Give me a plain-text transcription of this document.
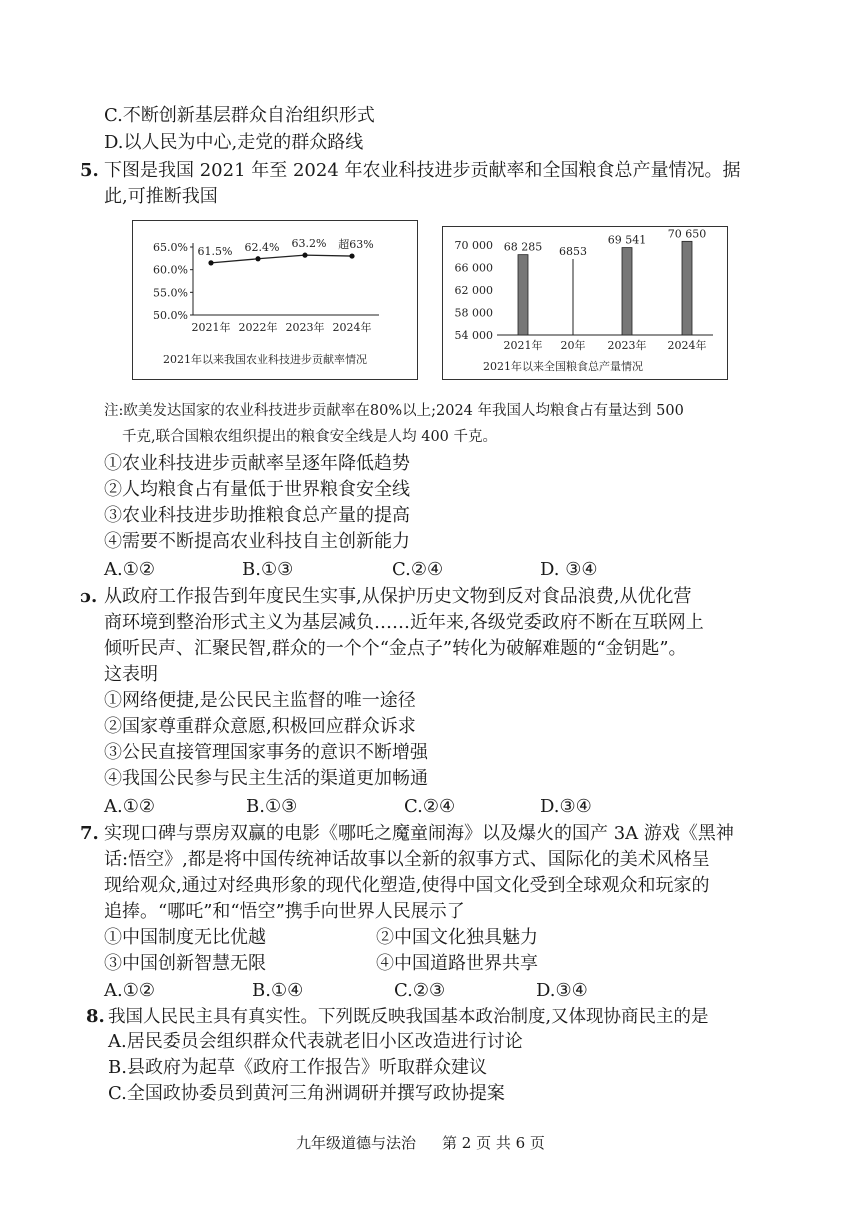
C.不断创新基层群众自治组织形式
D.以人民为中心,走党的群众路线
5. 下图是我国 2021 年至 2024 年农业科技进步贡献率和全国粮食总产量情况。据
此,可推断我国
65.0%
60.0%
55.0%
50.0%
61.5%
2021年
62.4%
2022年
63.2%
2023年
超63%
2024年
2021年以来我国农业科技进步贡献率情况
70 000
66 000
62 000
58 000
54 000
68 285
2021年
6853
20年
69 541
2023年
70 650
2024年
2021年以来全国粮食总产量情况
注:欧美发达国家的农业科技进步贡献率在80%以上;2024 年我国人均粮食占有量达到 500
千克,联合国粮农组织提出的粮食安全线是人均 400 千克。
①农业科技进步贡献率呈逐年降低趋势
②人均粮食占有量低于世界粮食安全线
③农业科技进步助推粮食总产量的提高
④需要不断提高农业科技自主创新能力
A.①②	B.①③	C.②④	D. ③④
ɔ. 从政府工作报告到年度民生实事,从保护历史文物到反对食品浪费,从优化营
商环境到整治形式主义为基层减负……近年来,各级党委政府不断在互联网上
倾听民声、汇聚民智,群众的一个个“金点子”转化为破解难题的“金钥匙”。
这表明
①网络便捷,是公民民主监督的唯一途径
②国家尊重群众意愿,积极回应群众诉求
③公民直接管理国家事务的意识不断增强
④我国公民参与民主生活的渠道更加畅通
A.①②	B.①③	C.②④	D.③④
7. 实现口碑与票房双赢的电影《哪吒之魔童闹海》以及爆火的国产 3A 游戏《黑神
话:悟空》,都是将中国传统神话故事以全新的叙事方式、国际化的美术风格呈
现给观众,通过对经典形象的现代化塑造,使得中国文化受到全球观众和玩家的
追捧。“哪吒”和“悟空”携手向世界人民展示了
①中国制度无比优越	②中国文化独具魅力
③中国创新智慧无限	④中国道路世界共享
A.①②	B.①④	C.②③	D.③④
8. 我国人民民主具有真实性。下列既反映我国基本政治制度,又体现协商民主的是
A.居民委员会组织群众代表就老旧小区改造进行讨论
B.县政府为起草《政府工作报告》听取群众建议
C.全国政协委员到黄河三角洲调研并撰写政协提案
九年级道德与法治 第 2 页 共 6 页
